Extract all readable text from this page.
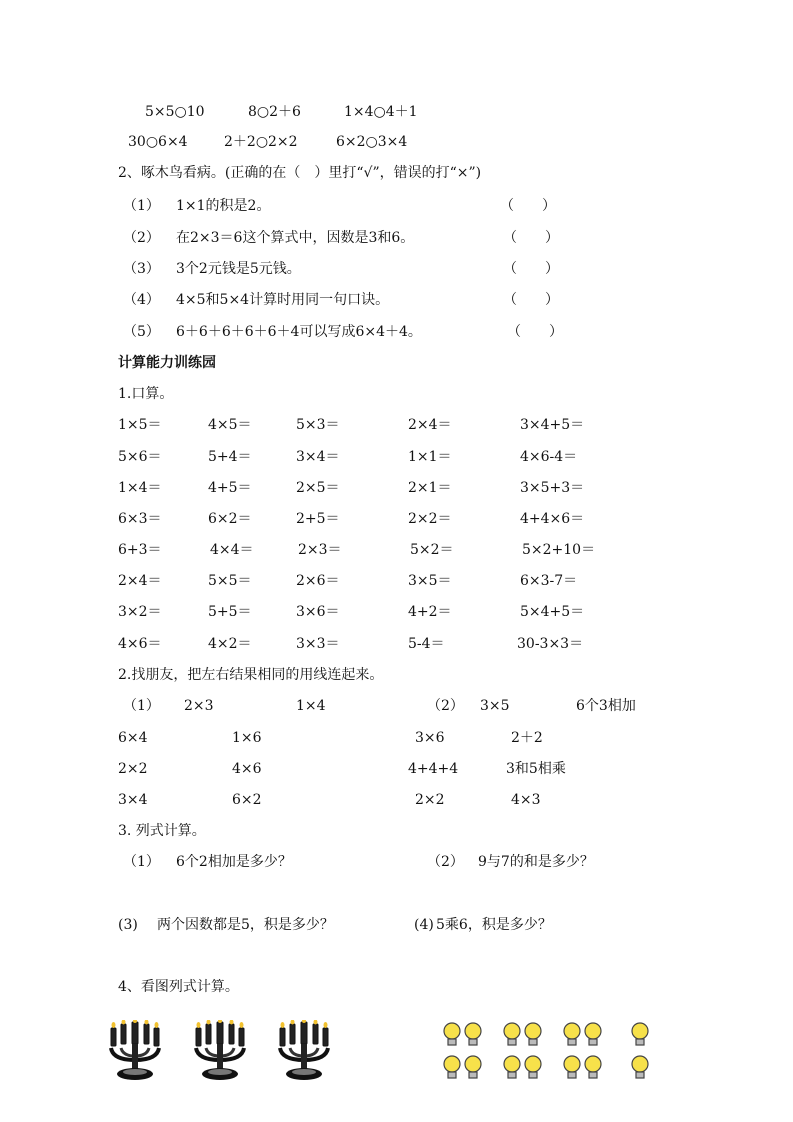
5×5○10	8○2＋6	1×4○4＋1
30○6×4	2＋2○2×2	6×2○3×4
2、啄木鸟看病。(正确的在（　）里打“√”，错误的打“×”)
（1） 1×1的积是2。	（　　）
（2） 在2×3＝6这个算式中，因数是3和6。	（　　）
（3） 3个2元钱是5元钱。	（　　）
（4） 4×5和5×4计算时用同一句口诀。	（　　）
（5） 6＋6＋6＋6＋6＋4可以写成6×4＋4。	（　　）
计算能力训练园
1.口算。
1×5＝	4×5＝	5×3＝	2×4＝	3×4+5＝
5×6＝	5+4＝	3×4＝	1×1＝	4×6-4＝
1×4＝	4+5＝	2×5＝	2×1＝	3×5+3＝
6×3＝	6×2＝	2+5＝	2×2＝	4+4×6＝
6+3＝	4×4＝	2×3＝	5×2＝	5×2+10＝
2×4＝	5×5＝	2×6＝	3×5＝	6×3-7＝
3×2＝	5+5＝	3×6＝	4+2＝	5×4+5＝
4×6＝	4×2＝	3×3＝	5-4＝	30-3×3＝
2.找朋友，把左右结果相同的用线连起来。
（1） 2×3	1×4	（2） 3×5	6个3相加
6×4	1×6	3×6	2＋2
2×2	4×6	4+4+4	3和5相乘
3×4	6×2	2×2	4×3
3. 列式计算。
（1） 6个2相加是多少？	（2） 9与7的和是多少？
(3) 两个因数都是5，积是多少？	(4) 5乘6，积是多少？
4、看图列式计算。
